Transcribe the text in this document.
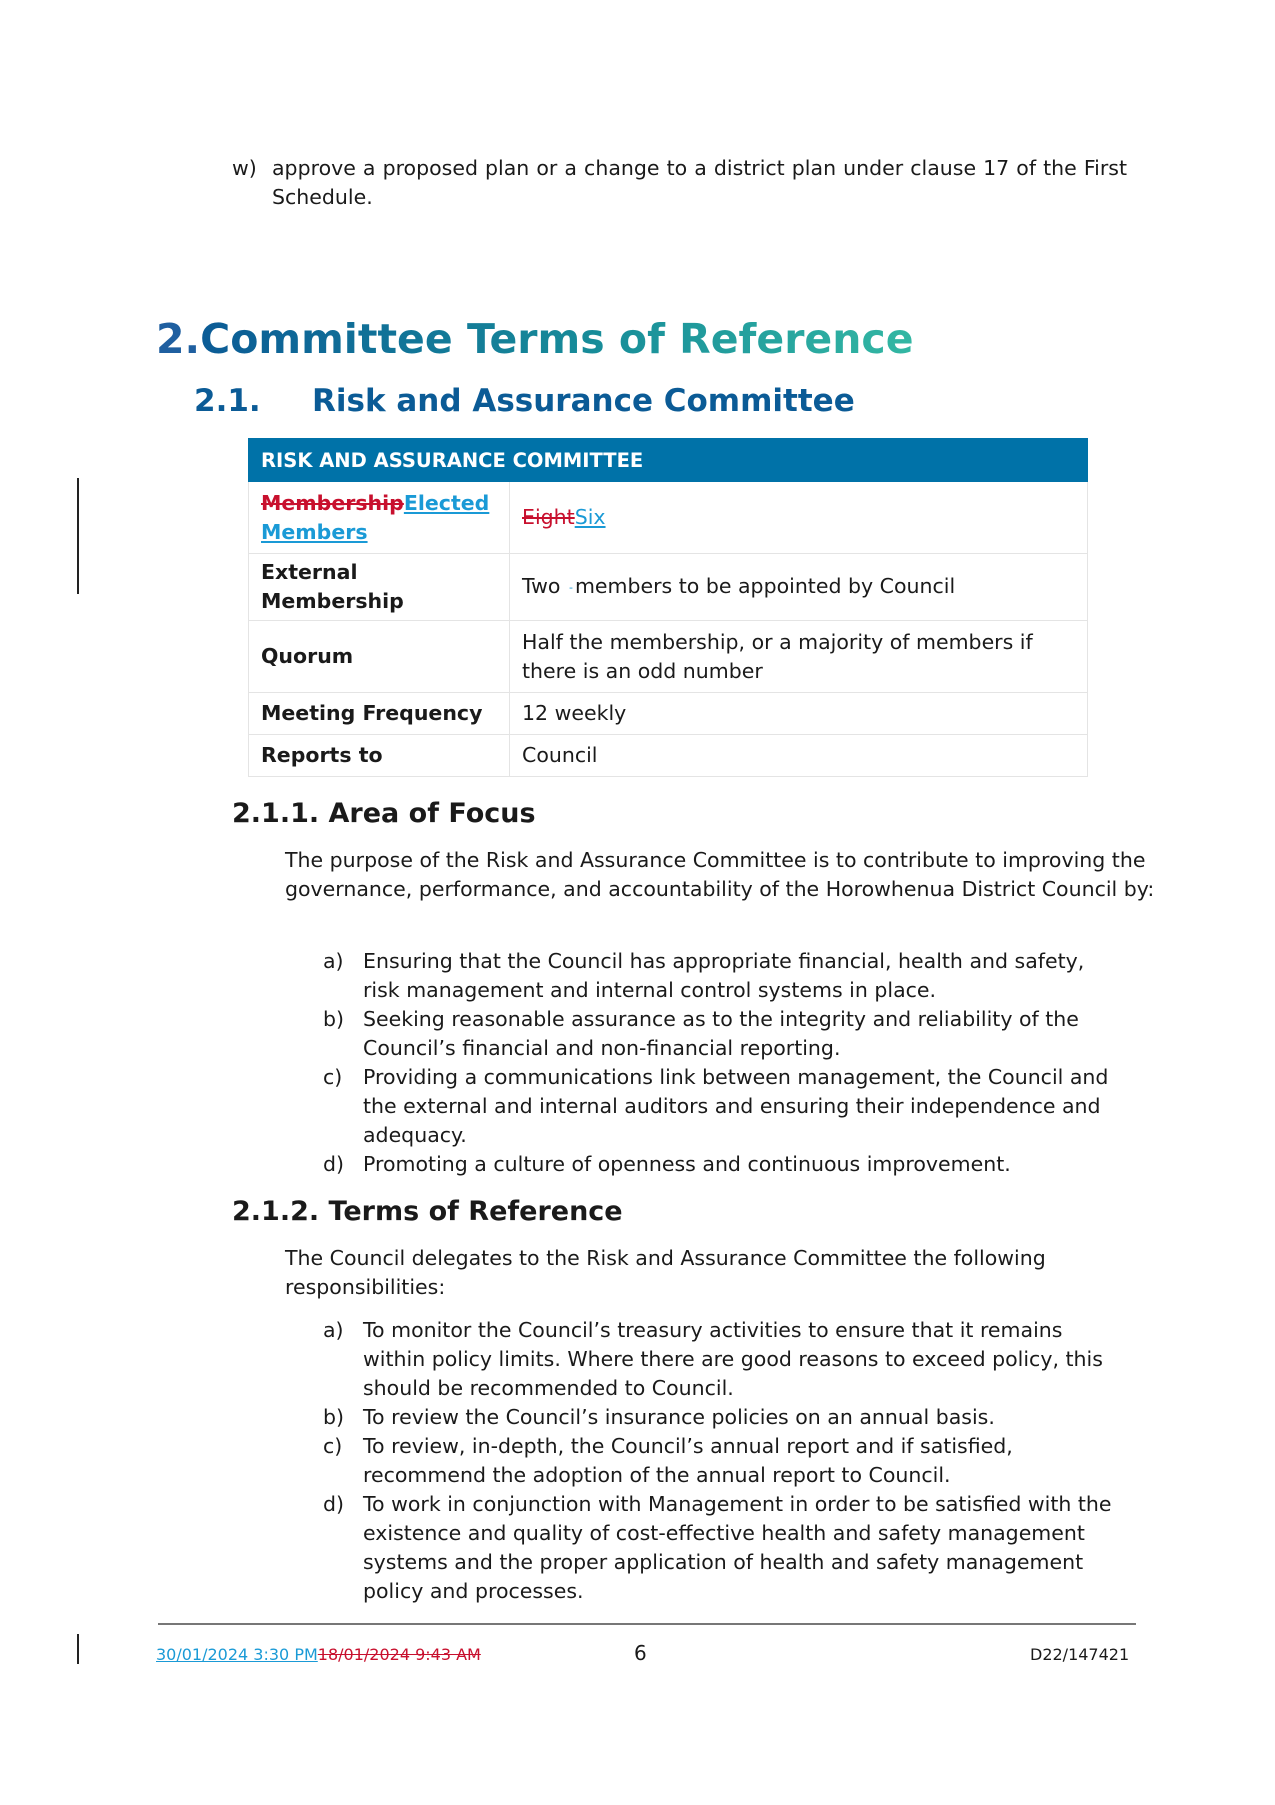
w) approve a proposed plan or a change to a district plan under clause 17 of the First Schedule.
2.Committee Terms of Reference
2.1. Risk and Assurance Committee
RISK AND ASSURANCE COMMITTEE	
MembershipElected Members	EightSix
External Membership	Two -members to be appointed by Council
Quorum	Half the membership, or a majority of members if there is an odd number
Meeting Frequency	12 weekly
Reports to	Council
2.1.1. Area of Focus
The purpose of the Risk and Assurance Committee is to contribute to improving the governance, performance, and accountability of the Horowhenua District Council by:
a) Ensuring that the Council has appropriate financial, health and safety, risk management and internal control systems in place.
b) Seeking reasonable assurance as to the integrity and reliability of the Council’s financial and non-financial reporting.
c) Providing a communications link between management, the Council and the external and internal auditors and ensuring their independence and adequacy.
d) Promoting a culture of openness and continuous improvement.
2.1.2. Terms of Reference
The Council delegates to the Risk and Assurance Committee the following responsibilities:
a) To monitor the Council’s treasury activities to ensure that it remains within policy limits. Where there are good reasons to exceed policy, this should be recommended to Council.
b) To review the Council’s insurance policies on an annual basis.
c) To review, in-depth, the Council’s annual report and if satisfied, recommend the adoption of the annual report to Council.
d) To work in conjunction with Management in order to be satisfied with the existence and quality of cost-effective health and safety management systems and the proper application of health and safety management policy and processes.
30/01/2024 3:30 PM18/01/2024 9:43 AM	6	D22/147421
